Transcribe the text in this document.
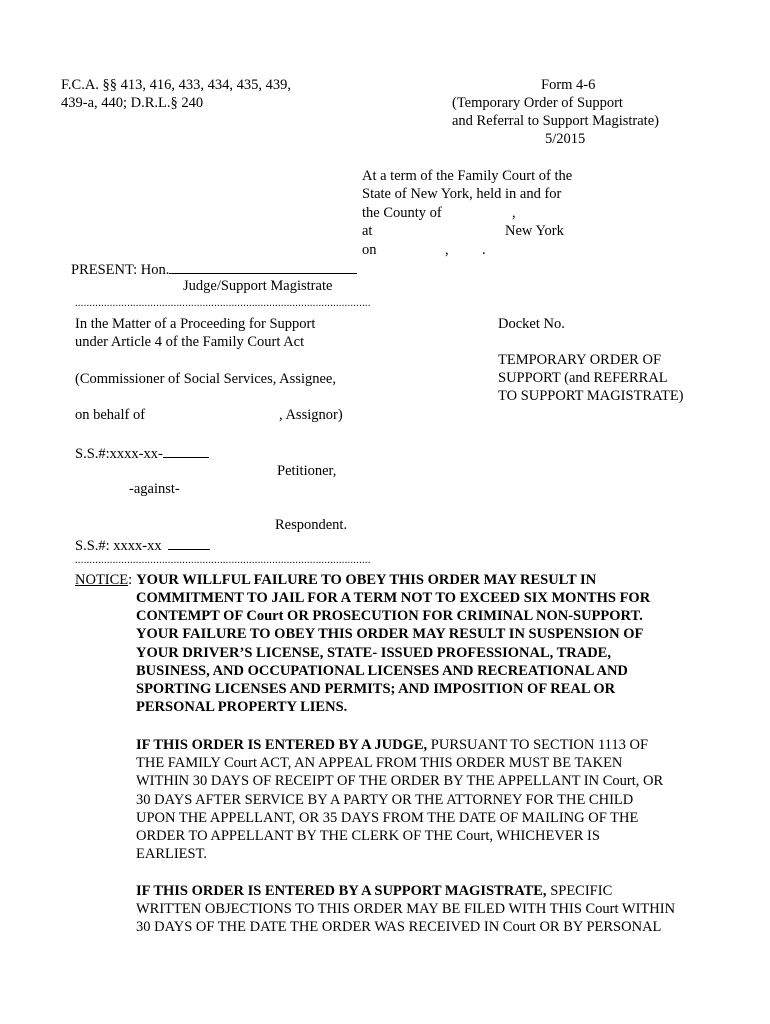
F.C.A. §§ 413, 416, 433, 434, 435, 439,
439-a, 440; D.R.L.§ 240
Form 4-6
(Temporary Order of Support
and Referral to Support Magistrate)
5/2015
At a term of the Family Court of the
State of New York, held in and for
the County of	,
at	New York
on	, .
PRESENT: Hon.
Judge/Support Magistrate
......................................................................................................
In the Matter of a Proceeding for Support
under Article 4 of the Family Court Act
(Commissioner of Social Services, Assignee,
on behalf of	, Assignor)
S.S.#:xxxx-xx-
Petitioner,
-against-
Respondent.
S.S.#: xxxx-xx
......................................................................................................
Docket No.
TEMPORARY ORDER OF
SUPPORT (and REFERRAL
TO SUPPORT MAGISTRATE)
NOTICE: YOUR WILLFUL FAILURE TO OBEY THIS ORDER MAY RESULT IN

COMMITMENT TO JAIL FOR A TERM NOT TO EXCEED SIX MONTHS FOR

CONTEMPT OF Court OR PROSECUTION FOR CRIMINAL NON-SUPPORT.

YOUR FAILURE TO OBEY THIS ORDER MAY RESULT IN SUSPENSION OF

YOUR DRIVER’S LICENSE, STATE- ISSUED PROFESSIONAL, TRADE,

BUSINESS, AND OCCUPATIONAL LICENSES AND RECREATIONAL AND

SPORTING LICENSES AND PERMITS; AND IMPOSITION OF REAL OR

PERSONAL PROPERTY LIENS.

IF THIS ORDER IS ENTERED BY A JUDGE, PURSUANT TO SECTION 1113 OF

THE FAMILY Court ACT, AN APPEAL FROM THIS ORDER MUST BE TAKEN

WITHIN 30 DAYS OF RECEIPT OF THE ORDER BY THE APPELLANT IN Court, OR

30 DAYS AFTER SERVICE BY A PARTY OR THE ATTORNEY FOR THE CHILD

UPON THE APPELLANT, OR 35 DAYS FROM THE DATE OF MAILING OF THE

ORDER TO APPELLANT BY THE CLERK OF THE Court, WHICHEVER IS

EARLIEST.

IF THIS ORDER IS ENTERED BY A SUPPORT MAGISTRATE, SPECIFIC

WRITTEN OBJECTIONS TO THIS ORDER MAY BE FILED WITH THIS Court WITHIN

30 DAYS OF THE DATE THE ORDER WAS RECEIVED IN Court OR BY PERSONAL
